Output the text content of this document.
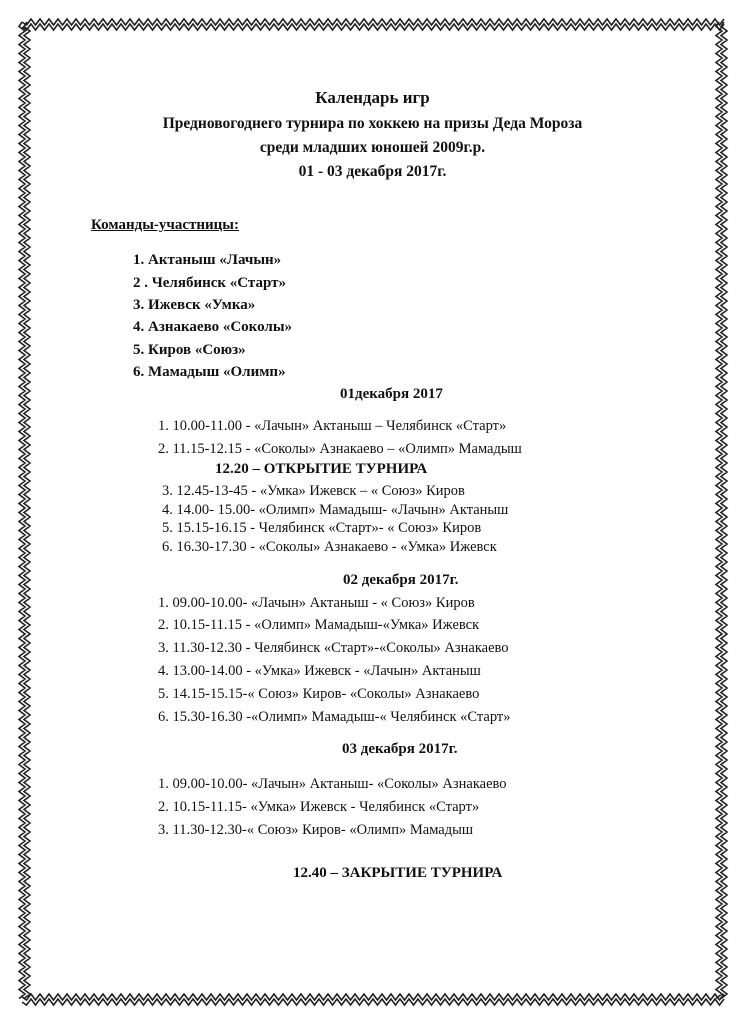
Календарь игр
Предновогоднего турнира по хоккею на призы Деда Мороза
среди младших юношей 2009г.р.
01 - 03 декабря 2017г.
Команды-участницы:
1. Актаныш «Лачын»
2 . Челябинск «Старт»
3. Ижевск «Умка»
4. Азнакаево «Соколы»
5. Киров «Союз»
6. Мамадыш «Олимп»
01декабря 2017
1. 10.00-11.00 - «Лачын» Актаныш – Челябинск «Старт»
2. 11.15-12.15 - «Соколы» Азнакаево – «Олимп» Мамадыш
12.20 – ОТКРЫТИЕ ТУРНИРА
3. 12.45-13-45 - «Умка» Ижевск – « Союз» Киров
4. 14.00- 15.00- «Олимп» Мамадыш- «Лачын» Актаныш
5. 15.15-16.15 - Челябинск «Старт»- « Союз» Киров
6. 16.30-17.30 - «Соколы» Азнакаево - «Умка» Ижевск
02 декабря 2017г.
1. 09.00-10.00- «Лачын» Актаныш - « Союз» Киров
2. 10.15-11.15 - «Олимп» Мамадыш-«Умка» Ижевск
3. 11.30-12.30 - Челябинск «Старт»-«Соколы» Азнакаево
4. 13.00-14.00 - «Умка» Ижевск - «Лачын» Актаныш
5. 14.15-15.15-« Союз» Киров- «Соколы» Азнакаево
6. 15.30-16.30 -«Олимп» Мамадыш-« Челябинск «Старт»
03 декабря 2017г.
1. 09.00-10.00- «Лачын» Актаныш- «Соколы» Азнакаево
2. 10.15-11.15- «Умка» Ижевск - Челябинск «Старт»
3. 11.30-12.30-« Союз» Киров- «Олимп» Мамадыш
12.40 – ЗАКРЫТИЕ ТУРНИРА
